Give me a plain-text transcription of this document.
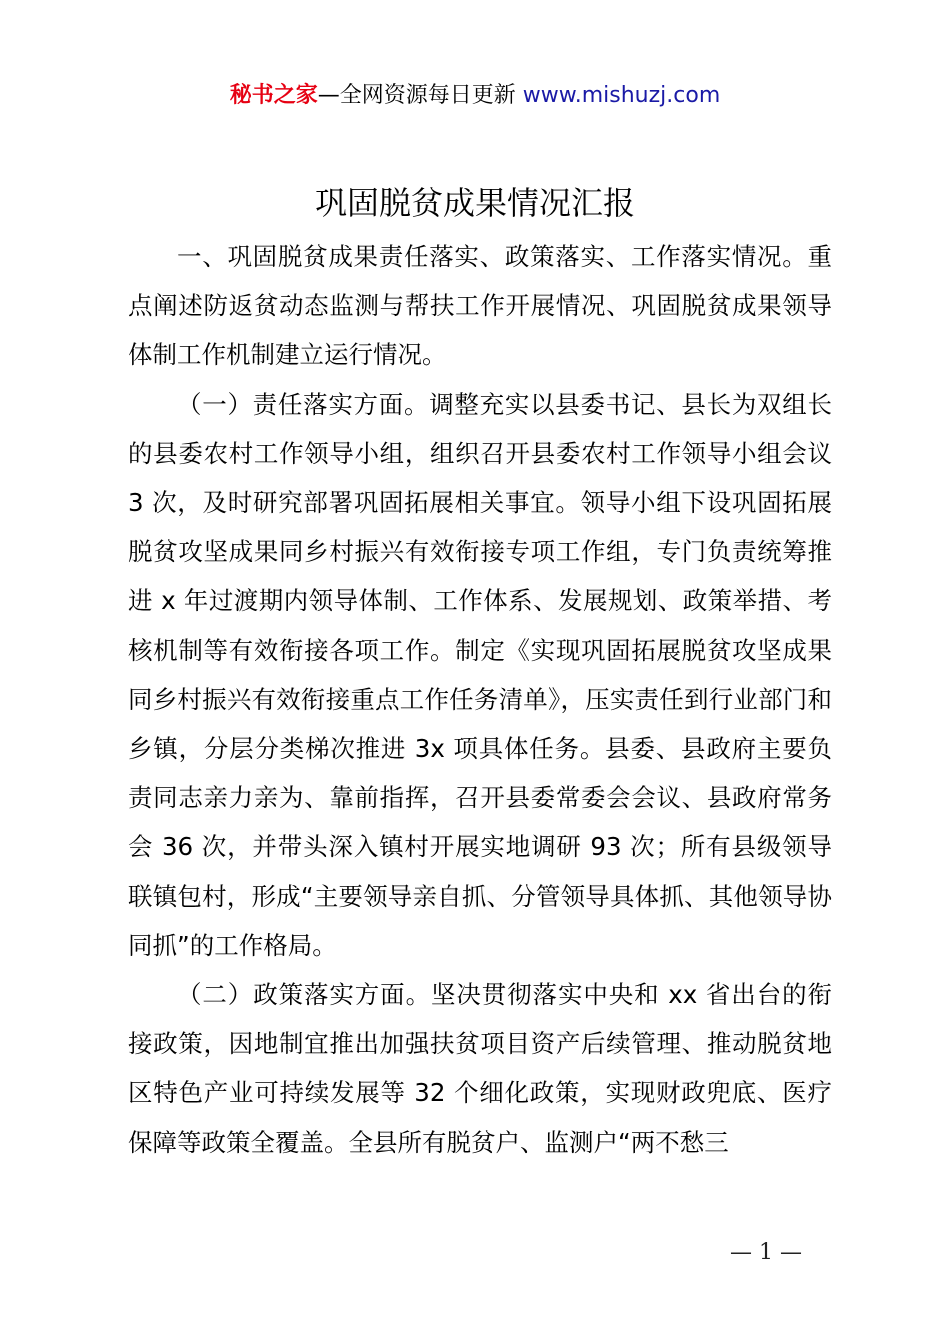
秘书之家—全网资源每日更新 www.mishuzj.com
巩固脱贫成果情况汇报

一、巩固脱贫成果责任落实、政策落实、工作落实情况。重点阐述防返贫动态监测与帮扶工作开展情况、巩固脱贫成果领导体制工作机制建立运行情况。

（一）责任落实方面。调整充实以县委书记、县长为双组长的县委农村工作领导小组，组织召开县委农村工作领导小组会议 3 次，及时研究部署巩固拓展相关事宜。领导小组下设巩固拓展脱贫攻坚成果同乡村振兴有效衔接专项工作组，专门负责统筹推进 x 年过渡期内领导体制、工作体系、发展规划、政策举措、考核机制等有效衔接各项工作。制定《实现巩固拓展脱贫攻坚成果同乡村振兴有效衔接重点工作任务清单》，压实责任到行业部门和乡镇，分层分类梯次推进 3x 项具体任务。县委、县政府主要负责同志亲力亲为、靠前指挥，召开县委常委会会议、县政府常务会 36 次，并带头深入镇村开展实地调研 93 次；所有县级领导联镇包村，形成“主要领导亲自抓、分管领导具体抓、其他领导协同抓”的工作格局。

（二）政策落实方面。坚决贯彻落实中央和 xx 省出台的衔接政策，因地制宜推出加强扶贫项目资产后续管理、推动脱贫地区特色产业可持续发展等 32 个细化政策，实现财政兜底、医疗保障等政策全覆盖。全县所有脱贫户、监测户“两不愁三

— 1 —
